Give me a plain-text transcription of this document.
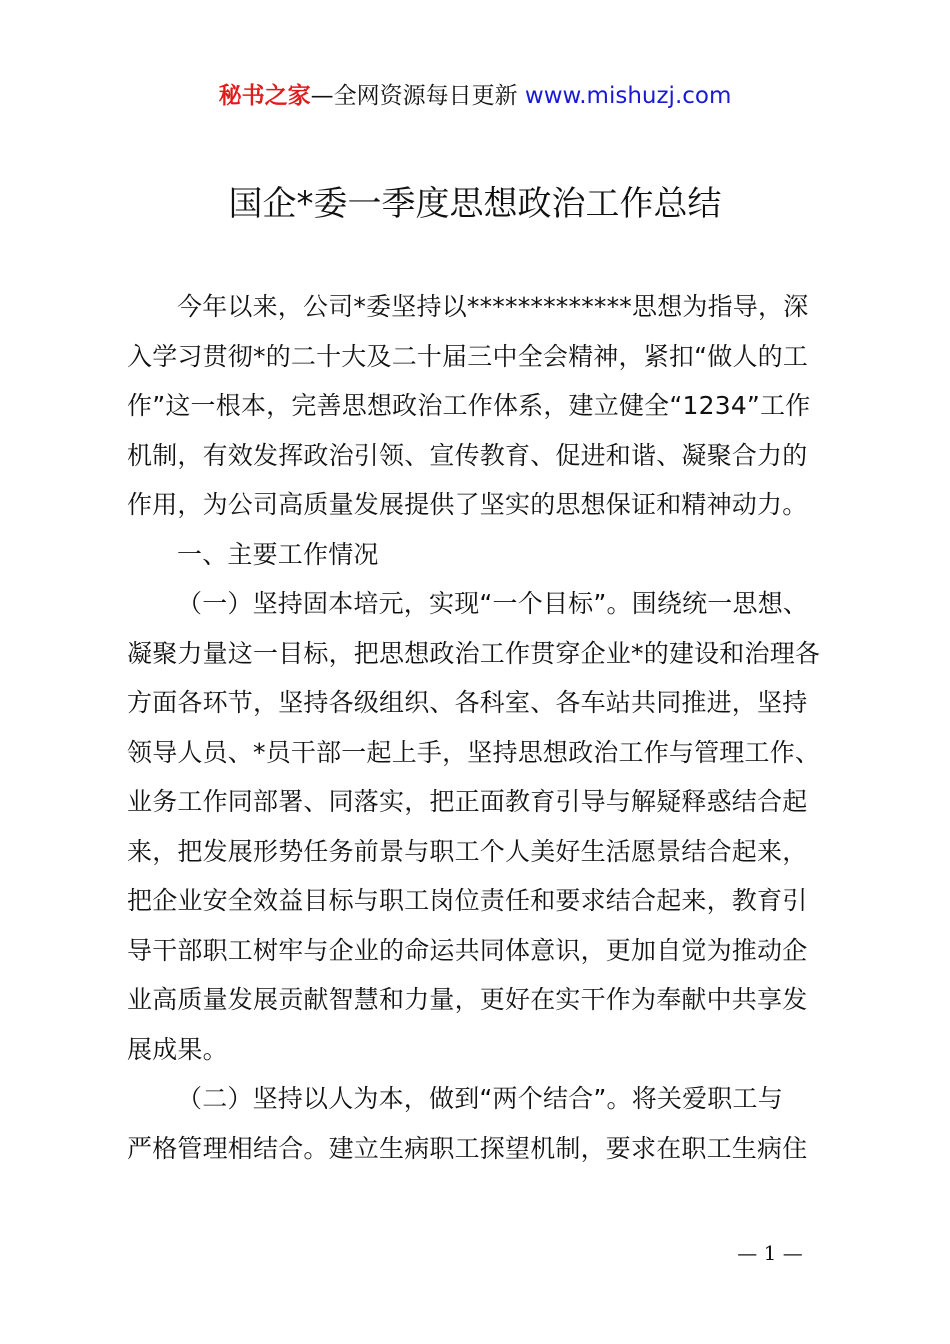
秘书之家—全网资源每日更新 www.mishuzj.com
国企*委一季度思想政治工作总结
今年以来，公司*委坚持以*************思想为指导，深
入学习贯彻*的二十大及二十届三中全会精神，紧扣“做人的工
作”这一根本，完善思想政治工作体系，建立健全“1234”工作
机制，有效发挥政治引领、宣传教育、促进和谐、凝聚合力的
作用，为公司高质量发展提供了坚实的思想保证和精神动力。
一、主要工作情况
（一）坚持固本培元，实现“一个目标”。围绕统一思想、
凝聚力量这一目标，把思想政治工作贯穿企业*的建设和治理各
方面各环节，坚持各级组织、各科室、各车站共同推进，坚持
领导人员、*员干部一起上手，坚持思想政治工作与管理工作、
业务工作同部署、同落实，把正面教育引导与解疑释惑结合起
来，把发展形势任务前景与职工个人美好生活愿景结合起来，
把企业安全效益目标与职工岗位责任和要求结合起来，教育引
导干部职工树牢与企业的命运共同体意识，更加自觉为推动企
业高质量发展贡献智慧和力量，更好在实干作为奉献中共享发
展成果。
（二）坚持以人为本，做到“两个结合”。将关爱职工与
严格管理相结合。建立生病职工探望机制，要求在职工生病住
— 1 —
